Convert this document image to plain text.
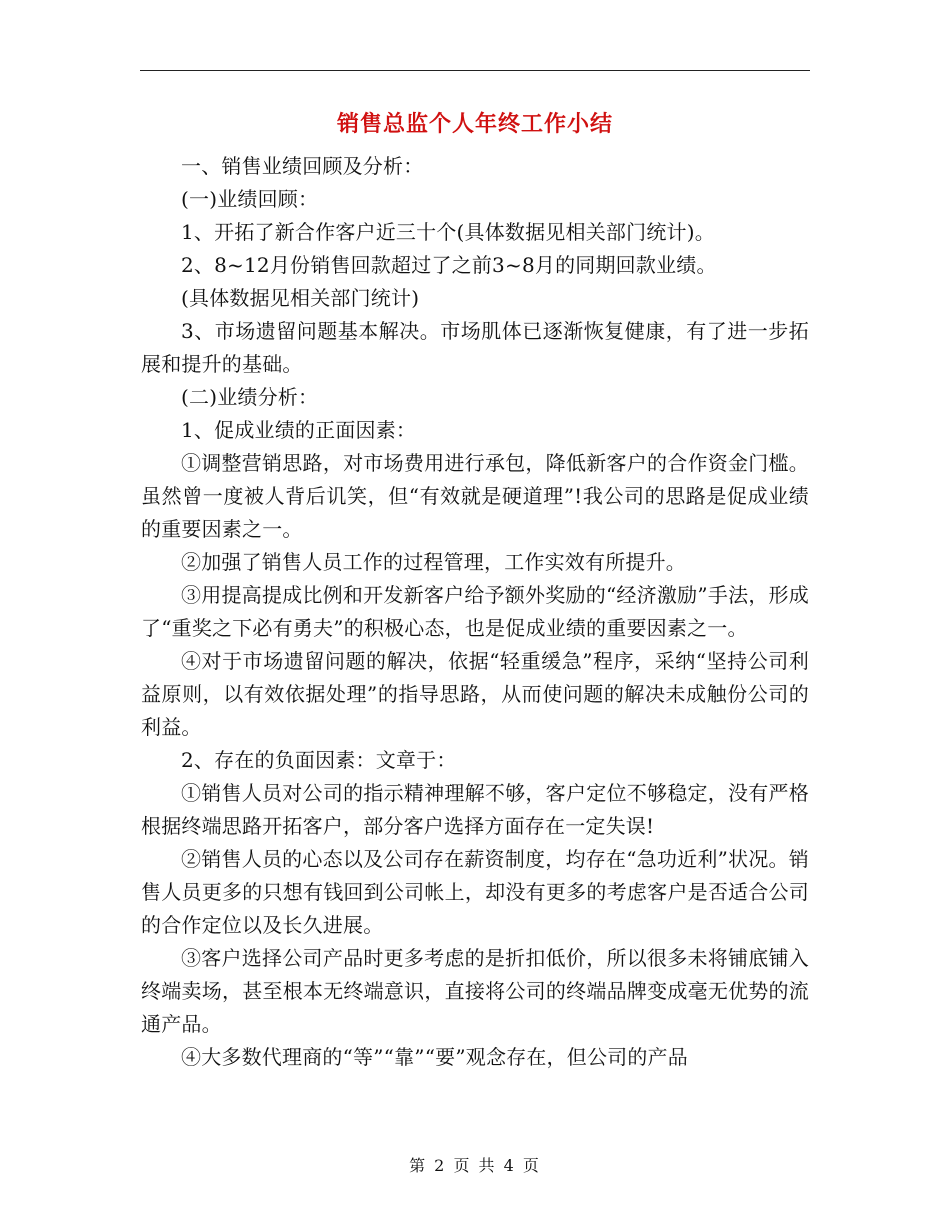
销售总监个人年终工作小结

一、销售业绩回顾及分析：

(一)业绩回顾：

1、开拓了新合作客户近三十个(具体数据见相关部门统计)。

2、8~12月份销售回款超过了之前3~8月的同期回款业绩。

(具体数据见相关部门统计)

3、市场遗留问题基本解决。市场肌体已逐渐恢复健康，有了进一步拓展和提升的基础。

(二)业绩分析：

1、促成业绩的正面因素：

①调整营销思路，对市场费用进行承包，降低新客户的合作资金门槛。虽然曾一度被人背后讥笑，但“有效就是硬道理”!我公司的思路是促成业绩的重要因素之一。

②加强了销售人员工作的过程管理，工作实效有所提升。

③用提高提成比例和开发新客户给予额外奖励的“经济激励”手法，形成了“重奖之下必有勇夫”的积极心态，也是促成业绩的重要因素之一。

④对于市场遗留问题的解决，依据“轻重缓急”程序，采纳“坚持公司利益原则，以有效依据处理”的指导思路，从而使问题的解决未成触份公司的利益。

2、存在的负面因素：文章于：

①销售人员对公司的指示精神理解不够，客户定位不够稳定，没有严格根据终端思路开拓客户，部分客户选择方面存在一定失误!

②销售人员的心态以及公司存在薪资制度，均存在“急功近利”状况。销售人员更多的只想有钱回到公司帐上，却没有更多的考虑客户是否适合公司的合作定位以及长久进展。

③客户选择公司产品时更多考虑的是折扣低价，所以很多未将铺底铺入终端卖场，甚至根本无终端意识，直接将公司的终端品牌变成毫无优势的流通产品。

④大多数代理商的“等”“靠”“要”观念存在，但公司的产品

第 2 页 共 4 页
